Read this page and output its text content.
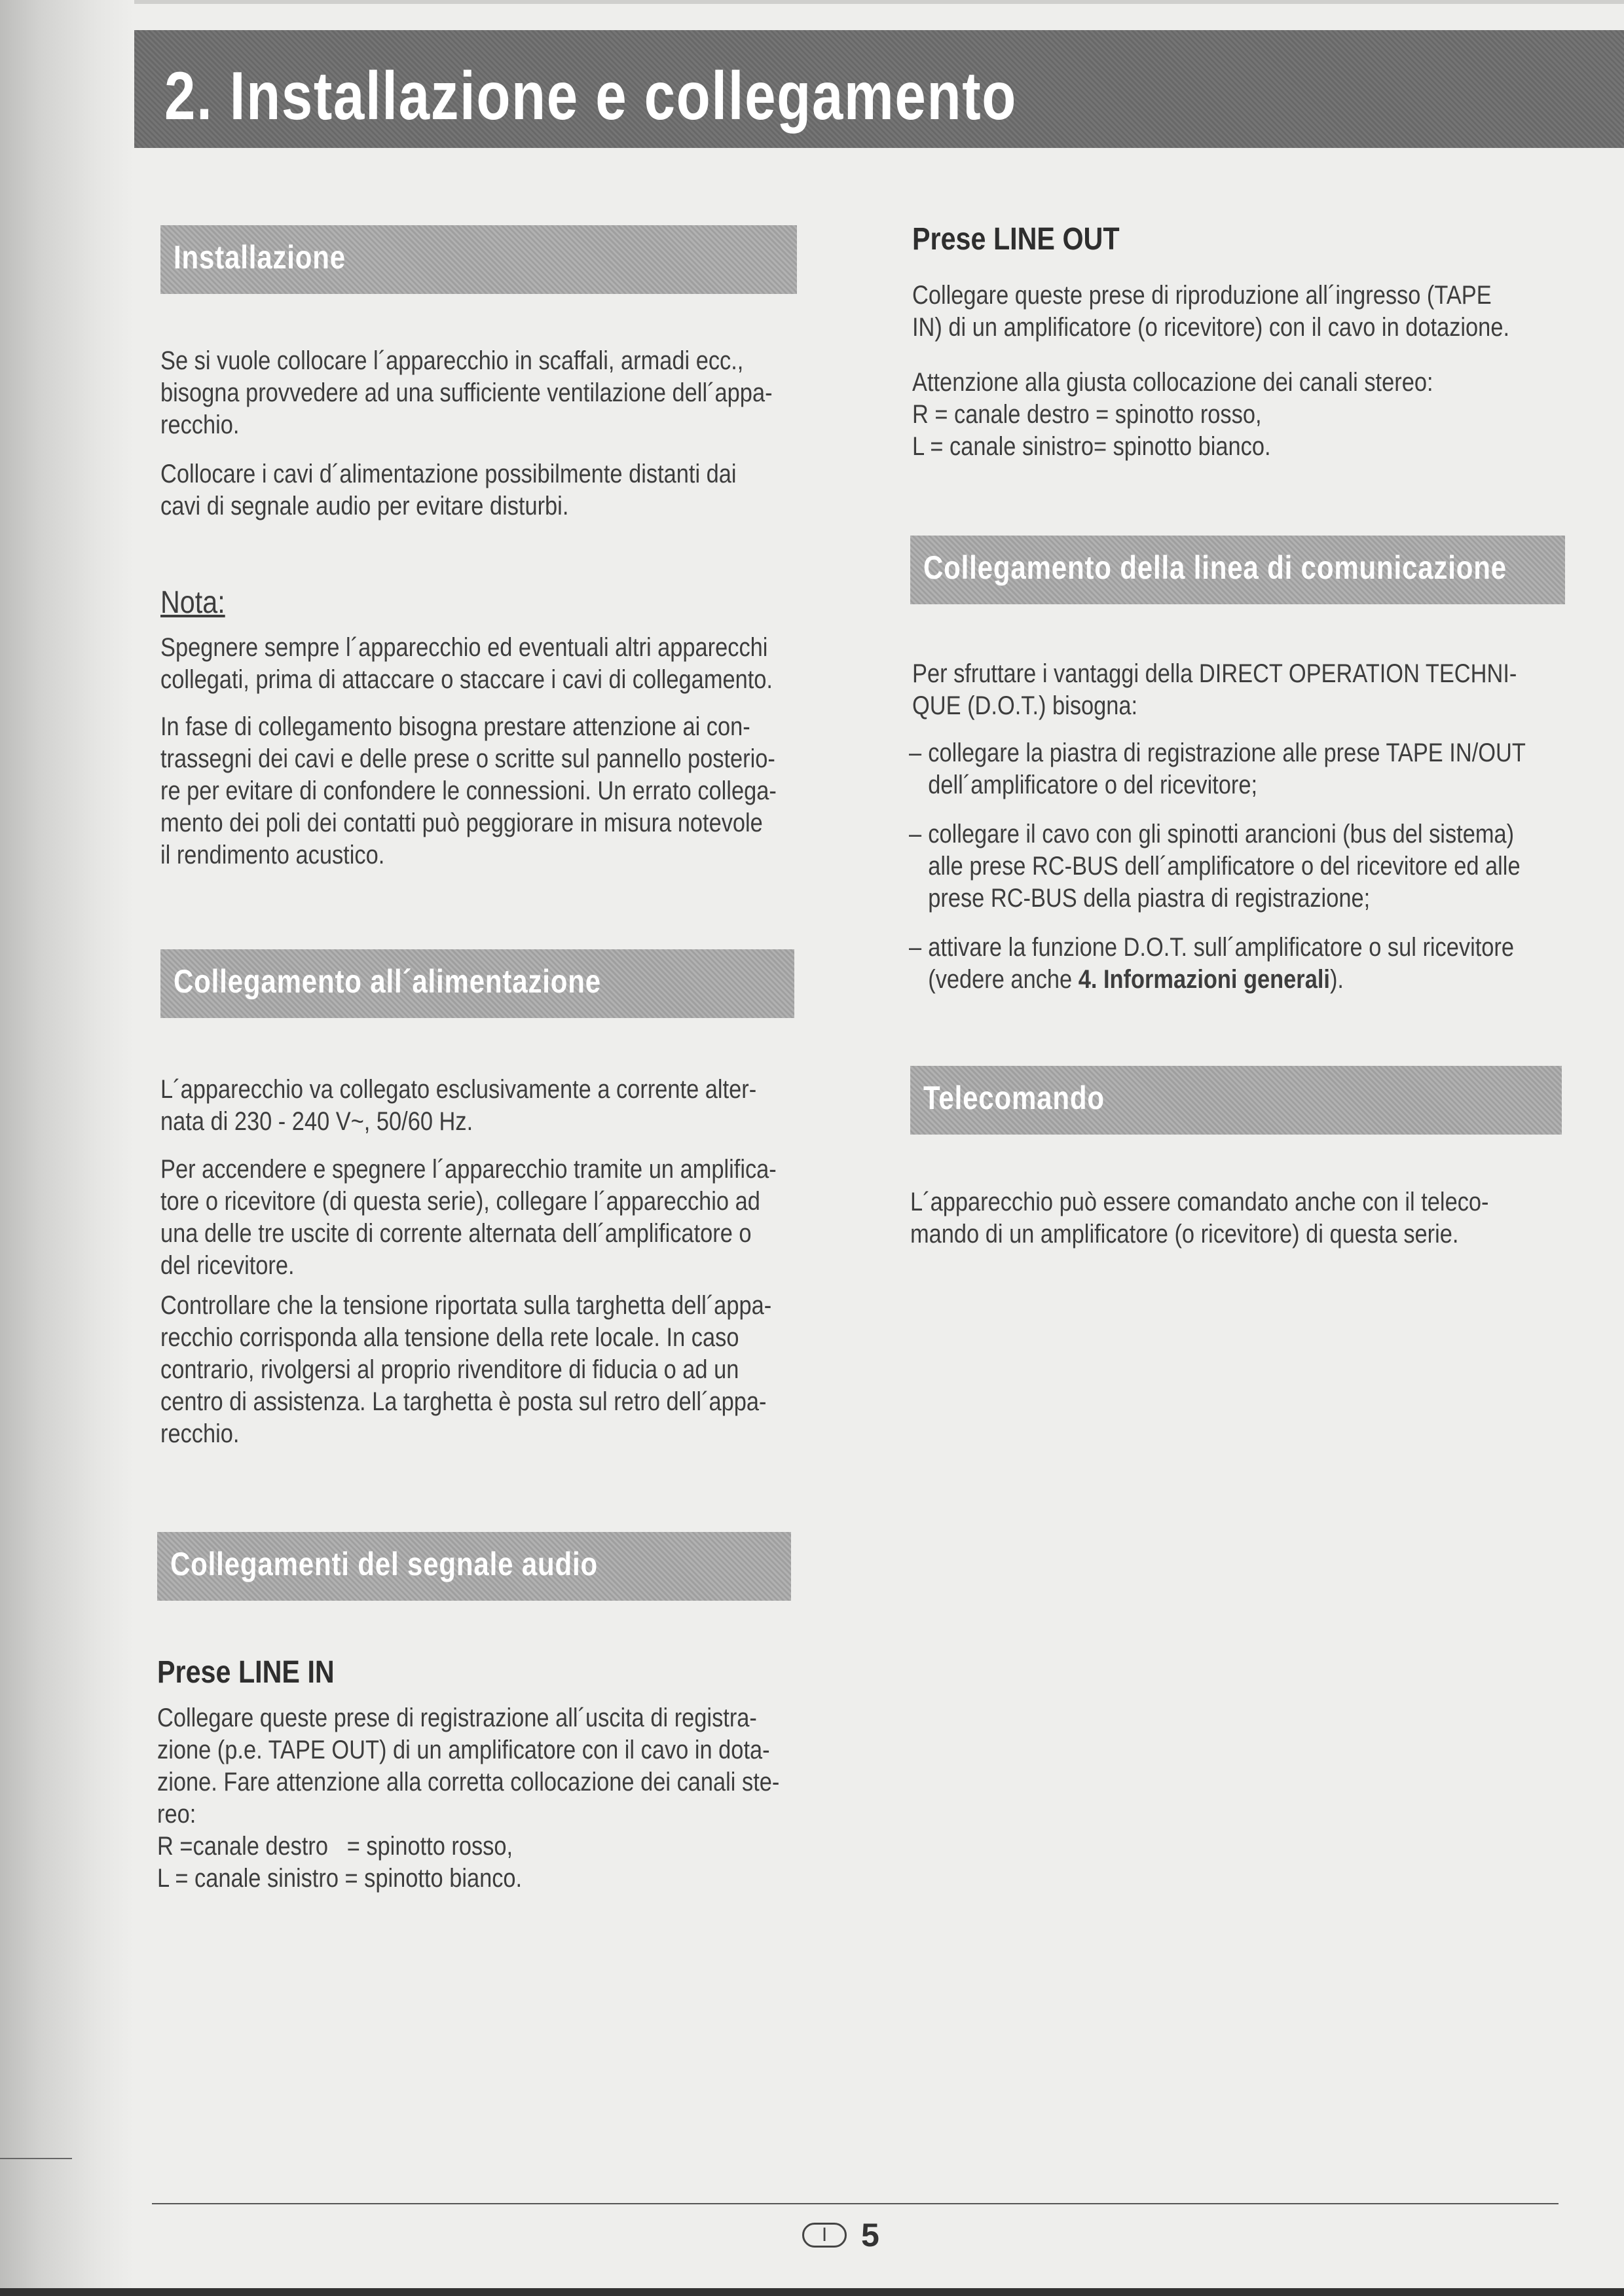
2. Installazione e collegamento
Installazione
Se si vuole collocare l´apparecchio in scaffali, armadi ecc.,
bisogna provvedere ad una sufficiente ventilazione dell´appa-
recchio.
Collocare i cavi d´alimentazione possibilmente distanti dai
cavi di segnale audio per evitare disturbi.
Nota:
Spegnere sempre l´apparecchio ed eventuali altri apparecchi
collegati, prima di attaccare o staccare i cavi di collegamento.
In fase di collegamento bisogna prestare attenzione ai con-
trassegni dei cavi e delle prese o scritte sul pannello posterio-
re per evitare di confondere le connessioni. Un errato collega-
mento dei poli dei contatti può peggiorare in misura notevole
il rendimento acustico.
Collegamento all´alimentazione
L´apparecchio va collegato esclusivamente a corrente alter-
nata di 230 - 240 V~, 50/60 Hz.
Per accendere e spegnere l´apparecchio tramite un amplifica-
tore o ricevitore (di questa serie), collegare l´apparecchio ad
una delle tre uscite di corrente alternata dell´amplificatore o
del ricevitore.
Controllare che la tensione riportata sulla targhetta dell´appa-
recchio corrisponda alla tensione della rete locale. In caso
contrario, rivolgersi al proprio rivenditore di fiducia o ad un
centro di assistenza. La targhetta è posta sul retro dell´appa-
recchio.
Collegamenti del segnale audio
Prese LINE IN
Collegare queste prese di registrazione all´uscita di registra-
zione (p.e. TAPE OUT) di un amplificatore con il cavo in dota-
zione. Fare attenzione alla corretta collocazione dei canali ste-
reo:
R =canale destro   = spinotto rosso,
L = canale sinistro = spinotto bianco.
Prese LINE OUT
Collegare queste prese di riproduzione all´ingresso (TAPE
IN) di un amplificatore (o ricevitore) con il cavo in dotazione.
Attenzione alla giusta collocazione dei canali stereo:
R = canale destro = spinotto rosso,
L = canale sinistro= spinotto bianco.
Collegamento della linea di comunicazione
Per sfruttare i vantaggi della DIRECT OPERATION TECHNI-
QUE (D.O.T.) bisogna:
– collegare la piastra di registrazione alle prese TAPE IN/OUT
dell´amplificatore o del ricevitore;
– collegare il cavo con gli spinotti arancioni (bus del sistema)
alle prese RC-BUS dell´amplificatore o del ricevitore ed alle
prese RC-BUS della piastra di registrazione;
– attivare la funzione D.O.T. sull´amplificatore o sul ricevitore
(vedere anche 4. Informazioni generali).
Telecomando
L´apparecchio può essere comandato anche con il teleco-
mando di un amplificatore (o ricevitore) di questa serie.
I	5
